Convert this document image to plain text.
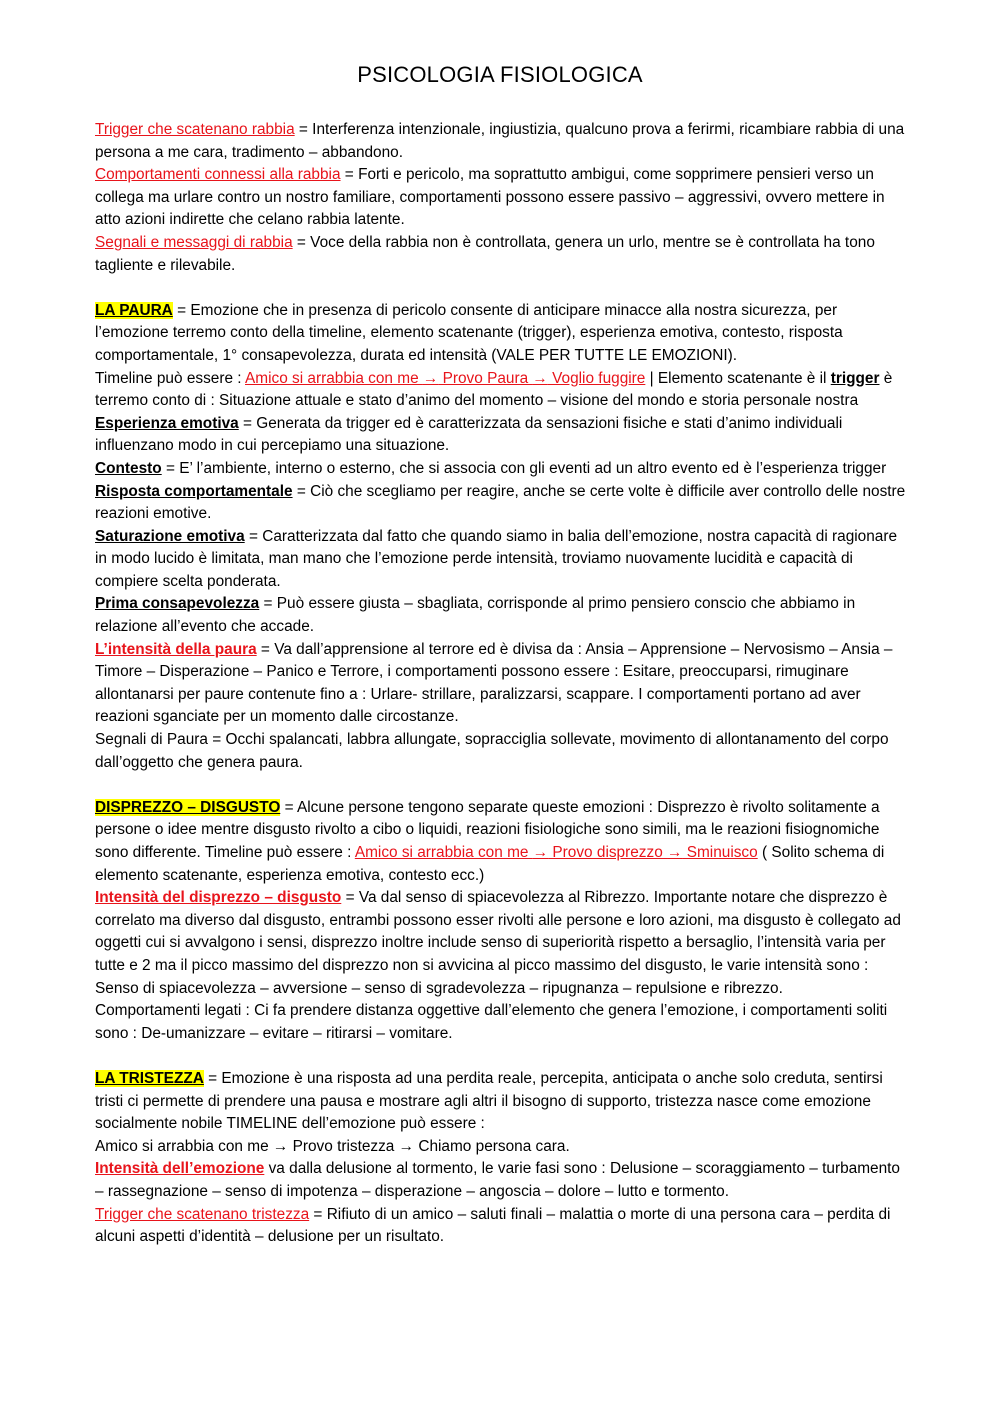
PSICOLOGIA FISIOLOGICA

Trigger che scatenano rabbia = Interferenza intenzionale, ingiustizia, qualcuno prova a ferirmi, ricambiare rabbia di una persona a me cara, tradimento – abbandono.

Comportamenti connessi alla rabbia = Forti e pericolo, ma soprattutto ambigui, come sopprimere pensieri verso un collega ma urlare contro un nostro familiare, comportamenti possono essere passivo – aggressivi, ovvero mettere in atto azioni indirette che celano rabbia latente.

Segnali e messaggi di rabbia = Voce della rabbia non è controllata, genera un urlo, mentre se è controllata ha tono tagliente e rilevabile.

LA PAURA = Emozione che in presenza di pericolo consente di anticipare minacce alla nostra sicurezza, per l’emozione terremo conto della timeline, elemento scatenante (trigger), esperienza emotiva, contesto, risposta comportamentale, 1° consapevolezza, durata ed intensità (VALE PER TUTTE LE EMOZIONI).

Timeline può essere : Amico si arrabbia con me → Provo Paura → Voglio fuggire | Elemento scatenante è il trigger è terremo conto di : Situazione attuale e stato d’animo del momento – visione del mondo e storia personale nostra

Esperienza emotiva = Generata da trigger ed è caratterizzata da sensazioni fisiche e stati d’animo individuali influenzano modo in cui percepiamo una situazione.

Contesto = E’ l’ambiente, interno o esterno, che si associa con gli eventi ad un altro evento ed è l’esperienza trigger

Risposta comportamentale = Ciò che scegliamo per reagire, anche se certe volte è difficile aver controllo delle nostre reazioni emotive.

Saturazione emotiva = Caratterizzata dal fatto che quando siamo in balia dell’emozione, nostra capacità di ragionare in modo lucido è limitata, man mano che l’emozione perde intensità, troviamo nuovamente lucidità e capacità di compiere scelta ponderata.

Prima consapevolezza = Può essere giusta – sbagliata, corrisponde al primo pensiero conscio che abbiamo in relazione all’evento che accade.

L’intensità della paura = Va dall’apprensione al terrore ed è divisa da : Ansia – Apprensione – Nervosismo – Ansia – Timore – Disperazione – Panico e Terrore, i comportamenti possono essere : Esitare, preoccuparsi, rimuginare allontanarsi per paure contenute fino a : Urlare- strillare, paralizzarsi, scappare. I comportamenti portano ad aver reazioni sganciate per un momento dalle circostanze.

Segnali di Paura = Occhi spalancati, labbra allungate, sopracciglia sollevate, movimento di allontanamento del corpo dall’oggetto che genera paura.

DISPREZZO – DISGUSTO = Alcune persone tengono separate queste emozioni : Disprezzo è rivolto solitamente a persone o idee mentre disgusto rivolto a cibo o liquidi, reazioni fisiologiche sono simili, ma le reazioni fisiognomiche sono differente. Timeline può essere : Amico si arrabbia con me → Provo disprezzo → Sminuisco ( Solito schema di elemento scatenante, esperienza emotiva, contesto ecc.)

Intensità del disprezzo – disgusto = Va dal senso di spiacevolezza al Ribrezzo. Importante notare che disprezzo è correlato ma diverso dal disgusto, entrambi possono esser rivolti alle persone e loro azioni, ma disgusto è collegato ad oggetti cui si avvalgono i sensi, disprezzo inoltre include senso di superiorità rispetto a bersaglio, l’intensità varia per tutte e 2 ma il picco massimo del disprezzo non si avvicina al picco massimo del disgusto, le varie intensità sono : Senso di spiacevolezza – avversione – senso di sgradevolezza – ripugnanza – repulsione e ribrezzo.

Comportamenti legati : Ci fa prendere distanza oggettive dall’elemento che genera l’emozione, i comportamenti soliti sono : De-umanizzare – evitare – ritirarsi – vomitare.

LA TRISTEZZA = Emozione è una risposta ad una perdita reale, percepita, anticipata o anche solo creduta, sentirsi tristi ci permette di prendere una pausa e mostrare agli altri il bisogno di supporto, tristezza nasce come emozione socialmente nobile TIMELINE dell’emozione può essere :

Amico si arrabbia con me → Provo tristezza → Chiamo persona cara.

Intensità dell’emozione va dalla delusione al tormento, le varie fasi sono : Delusione – scoraggiamento – turbamento – rassegnazione – senso di impotenza – disperazione – angoscia – dolore – lutto e tormento.

Trigger che scatenano tristezza = Rifiuto di un amico – saluti finali – malattia o morte di una persona cara – perdita di alcuni aspetti d’identità – delusione per un risultato.
